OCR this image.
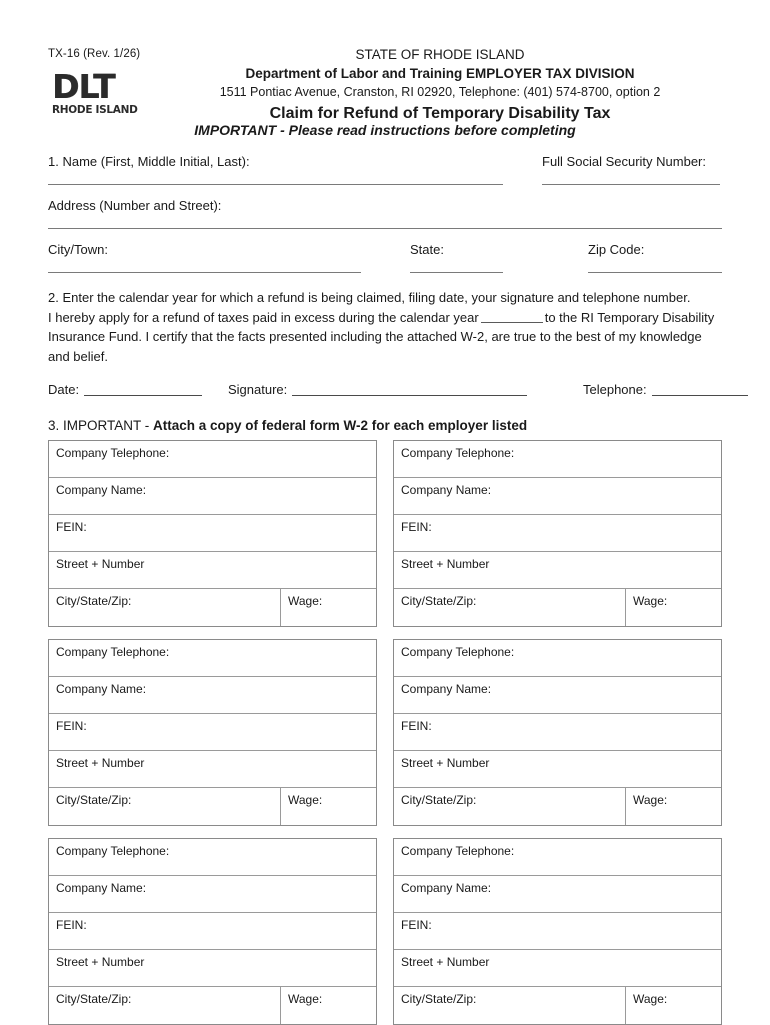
TX-16 (Rev. 1/26)
DLT
RHODE ISLAND
STATE OF RHODE ISLAND
Department of Labor and Training EMPLOYER TAX DIVISION
1511 Pontiac Avenue, Cranston, RI 02920, Telephone: (401) 574-8700, option 2
Claim for Refund of Temporary Disability Tax
IMPORTANT - Please read instructions before completing
1. Name (First, Middle Initial, Last):	Full Social Security Number:
Address (Number and Street):
City/Town:	State:	Zip Code:

2. Enter the calendar year for which a refund is being claimed, filing date, your signature and telephone number.

I hereby apply for a refund of taxes paid in excess during the calendar year	to the RI Temporary Disability Insurance Fund. I certify that the facts presented including the attached W-2, are true to the best of my knowledge and belief.

Date:	Signature:	Telephone:
3. IMPORTANT - Attach a copy of federal form W-2 for each employer listed
Company Telephone:
Company Name:
FEIN:
Street + Number
City/State/Zip:	Wage:
Company Telephone:
Company Name:
FEIN:
Street + Number
City/State/Zip:	Wage:
Company Telephone:
Company Name:
FEIN:
Street + Number
City/State/Zip:	Wage:
Company Telephone:
Company Name:
FEIN:
Street + Number
City/State/Zip:	Wage:
Company Telephone:
Company Name:
FEIN:
Street + Number
City/State/Zip:	Wage:
Company Telephone:
Company Name:
FEIN:
Street + Number
City/State/Zip:	Wage:
